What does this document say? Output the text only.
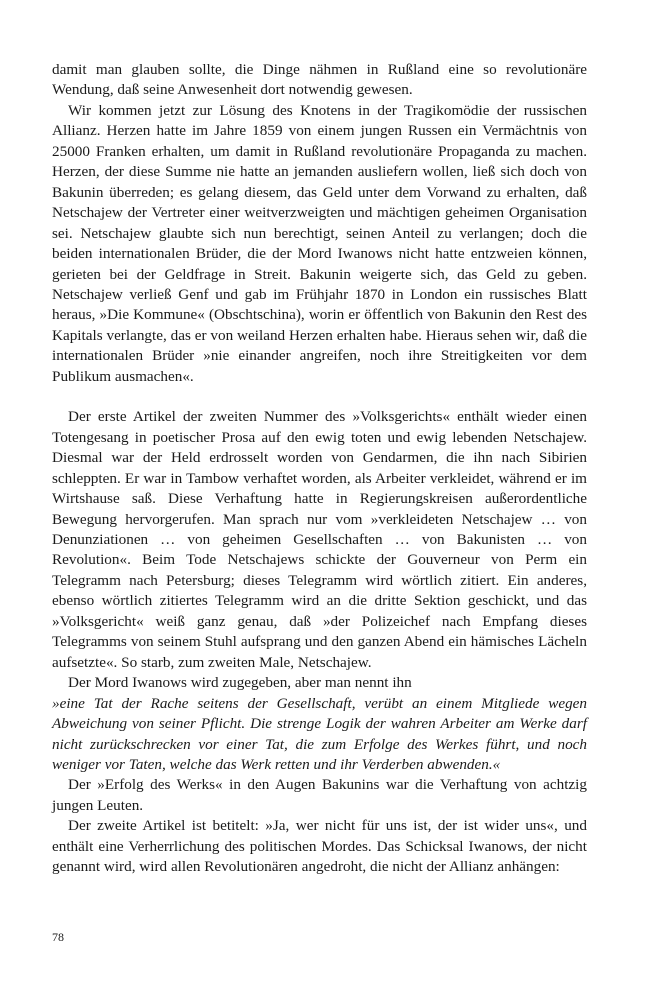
damit man glauben sollte, die Dinge nähmen in Rußland eine so revolutionäre Wendung, daß seine Anwesenheit dort notwendig gewesen.

Wir kommen jetzt zur Lösung des Knotens in der Tragikomödie der russischen Allianz. Herzen hatte im Jahre 1859 von einem jungen Russen ein Vermächtnis von 25000 Franken erhalten, um damit in Rußland revolutionäre Propaganda zu machen. Herzen, der diese Summe nie hatte an jemanden ausliefern wollen, ließ sich doch von Bakunin überreden; es gelang diesem, das Geld unter dem Vorwand zu erhalten, daß Netschajew der Vertreter einer weitverzweigten und mächtigen geheimen Organisation sei. Netschajew glaubte sich nun berechtigt, seinen Anteil zu verlangen; doch die beiden internationalen Brüder, die der Mord Iwanows nicht hatte entzweien können, gerieten bei der Geldfrage in Streit. Bakunin weigerte sich, das Geld zu geben. Netschajew verließ Genf und gab im Frühjahr 1870 in London ein russisches Blatt heraus, »Die Kommune« (Obschtschina), worin er öffentlich von Bakunin den Rest des Kapitals verlangte, das er von weiland Herzen erhalten habe. Hieraus sehen wir, daß die internationalen Brüder »nie einander angreifen, noch ihre Streitigkeiten vor dem Publikum ausmachen«.

Der erste Artikel der zweiten Nummer des »Volksgerichts« enthält wieder einen Totengesang in poetischer Prosa auf den ewig toten und ewig lebenden Netschajew. Diesmal war der Held erdrosselt worden von Gendarmen, die ihn nach Sibirien schleppten. Er war in Tambow verhaftet worden, als Arbeiter verkleidet, während er im Wirtshause saß. Diese Verhaftung hatte in Regierungskreisen außerordentliche Bewegung hervorgerufen. Man sprach nur vom »verkleideten Netschajew … von Denunziationen … von geheimen Gesellschaften … von Bakunisten … von Revolution«. Beim Tode Netschajews schickte der Gouverneur von Perm ein Telegramm nach Petersburg; dieses Telegramm wird wörtlich zitiert. Ein anderes, ebenso wörtlich zitiertes Telegramm wird an die dritte Sektion geschickt, und das »Volksgericht« weiß ganz genau, daß »der Polizeichef nach Empfang dieses Telegramms von seinem Stuhl aufsprang und den ganzen Abend ein hämisches Lächeln aufsetzte«. So starb, zum zweiten Male, Netschajew.

Der Mord Iwanows wird zugegeben, aber man nennt ihn

»eine Tat der Rache seitens der Gesellschaft, verübt an einem Mitgliede wegen Abweichung von seiner Pflicht. Die strenge Logik der wahren Arbeiter am Werke darf nicht zurückschrecken vor einer Tat, die zum Erfolge des Werkes führt, und noch weniger vor Taten, welche das Werk retten und ihr Verderben abwenden.«

Der »Erfolg des Werks« in den Augen Bakunins war die Verhaftung von achtzig jungen Leuten.

Der zweite Artikel ist betitelt: »Ja, wer nicht für uns ist, der ist wider uns«, und enthält eine Verherrlichung des politischen Mordes. Das Schicksal Iwanows, der nicht genannt wird, wird allen Revolutionären angedroht, die nicht der Allianz anhängen:

78
